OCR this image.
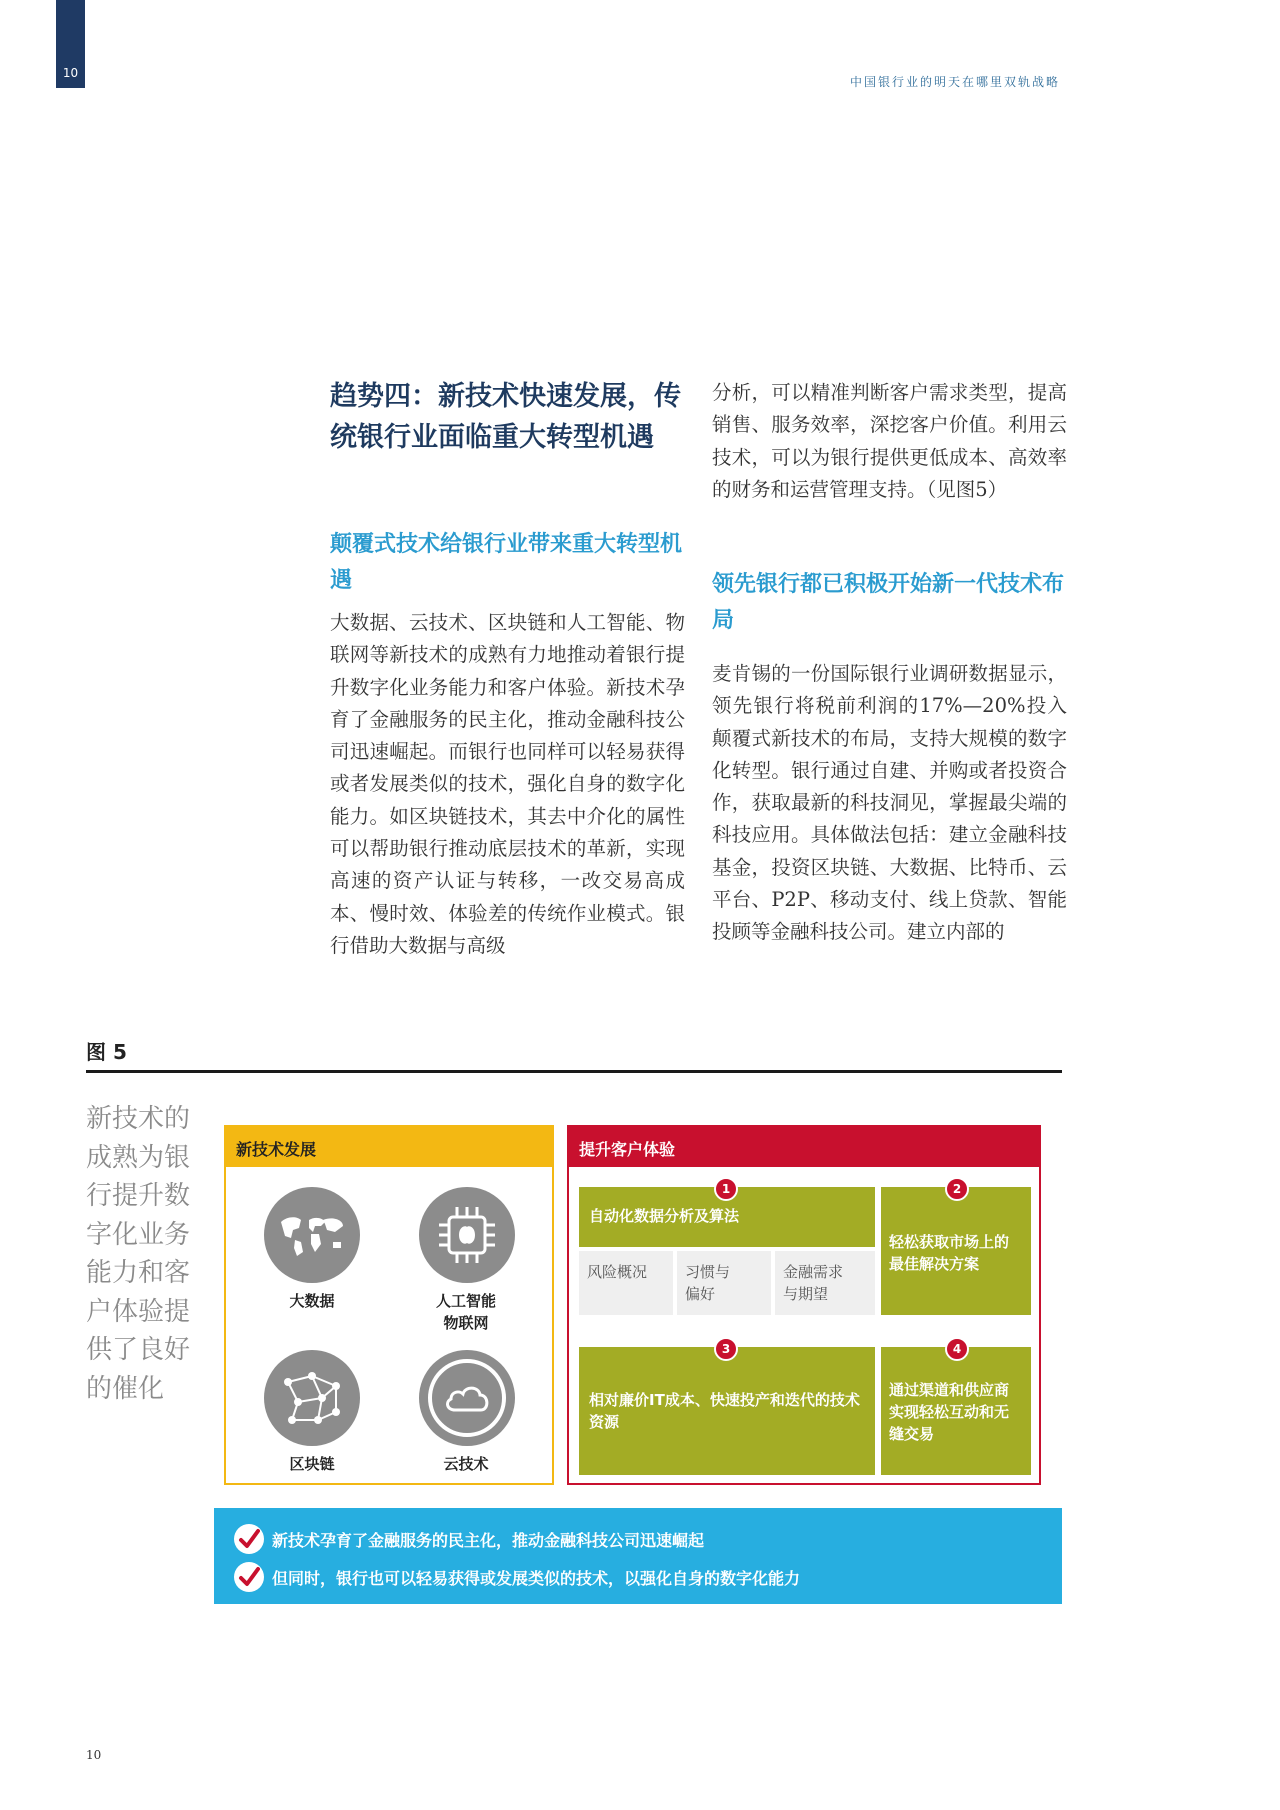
10
中国银行业的明天在哪里双轨战略
趋势四：新技术快速发展，传统银行业面临重大转型机遇
颠覆式技术给银行业带来重大转型机遇
大数据、云技术、区块链和人工智能、物联网等新技术的成熟有力地推动着银行提升数字化业务能力和客户体验。新技术孕育了金融服务的民主化，推动金融科技公司迅速崛起。而银行也同样可以轻易获得或者发展类似的技术，强化自身的数字化能力。如区块链技术，其去中介化的属性可以帮助银行推动底层技术的革新，实现高速的资产认证与转移，一改交易高成本、慢时效、体验差的传统作业模式。银行借助大数据与高级
分析，可以精准判断客户需求类型，提高销售、服务效率，深挖客户价值。利用云技术，可以为银行提供更低成本、高效率的财务和运营管理支持。（见图5）
领先银行都已积极开始新一代技术布局
麦肯锡的一份国际银行业调研数据显示，领先银行将税前利润的17%—20%投入颠覆式新技术的布局，支持大规模的数字化转型。银行通过自建、并购或者投资合作，获取最新的科技洞见，掌握最尖端的科技应用。具体做法包括：建立金融科技基金，投资区块链、大数据、比特币、云平台、P2P、移动支付、线上贷款、智能投顾等金融科技公司。建立内部的
图 5
新技术的成熟为银行提升数字化业务能力和客户体验提供了良好的催化
新技术发展
大数据	人工智能
物联网
区块链	云技术
提升客户体验
自动化数据分析及算法
风险概况	习惯与
偏好
金融需求
与期望
1
轻松获取市场上的最佳解决方案
2
相对廉价IT成本、快速投产和迭代的技术资源
3
通过渠道和供应商实现轻松互动和无缝交易
4
新技术孕育了金融服务的民主化，推动金融科技公司迅速崛起
但同时，银行也可以轻易获得或发展类似的技术，以强化自身的数字化能力
10
